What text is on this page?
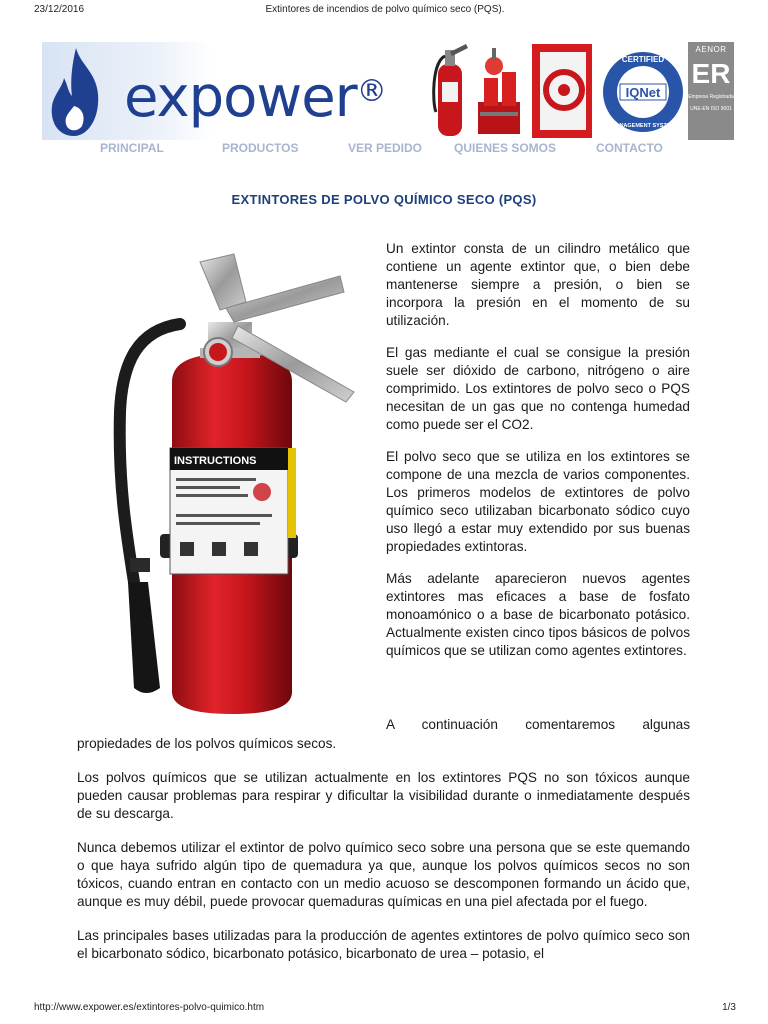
23/12/2016	Extintores de incendios de polvo químico seco (PQS).
expower®	IQNet
CERTIFIED
MANAGEMENT SYSTEM
AENOR
ER
Empresa Registrada
UNE-EN ISO 9001
PRINCIPAL	PRODUCTOS	VER PEDIDO	QUIENES SOMOS	CONTACTO
EXTINTORES DE POLVO QUÍMICO SECO (PQS)
INSTRUCTIONS

Un extintor consta de un cilindro metálico que contiene un agente extintor que, o bien debe mantenerse siempre a presión, o bien se incorpora la presión en el momento de su utilización.

El gas mediante el cual se consigue la presión suele ser dióxido de carbono, nitrógeno o aire comprimido. Los extintores de polvo seco o PQS necesitan de un gas que no contenga humedad como puede ser el CO2.

El polvo seco que se utiliza en los extintores se compone de una mezcla de varios componentes. Los primeros modelos de extintores de polvo químico seco utilizaban bicarbonato sódico cuyo uso llegó a estar muy extendido por sus buenas propiedades extintoras.

Más adelante aparecieron nuevos agentes extintores mas eficaces a base de fosfato monoamónico o a base de bicarbonato potásico. Actualmente existen cinco tipos básicos de polvos químicos que se utilizan como agentes extintores.

A continuación comentaremos algunas

propiedades de los polvos químicos secos.

Los polvos químicos que se utilizan actualmente en los extintores PQS no son tóxicos aunque pueden causar problemas para respirar y dificultar la visibilidad durante o inmediatamente después de su descarga.

Nunca debemos utilizar el extintor de polvo químico seco sobre una persona que se este quemando o que haya sufrido algún tipo de quemadura ya que, aunque los polvos químicos secos no son tóxicos, cuando entran en contacto con un medio acuoso se descomponen formando un ácido que, aunque es muy débil, puede provocar quemaduras químicas en una piel afectada por el fuego.

Las principales bases utilizadas para la producción de agentes extintores de polvo químico seco son el bicarbonato sódico, bicarbonato potásico, bicarbonato de urea – potasio, el

http://www.expower.es/extintores-polvo-quimico.htm	1/3
